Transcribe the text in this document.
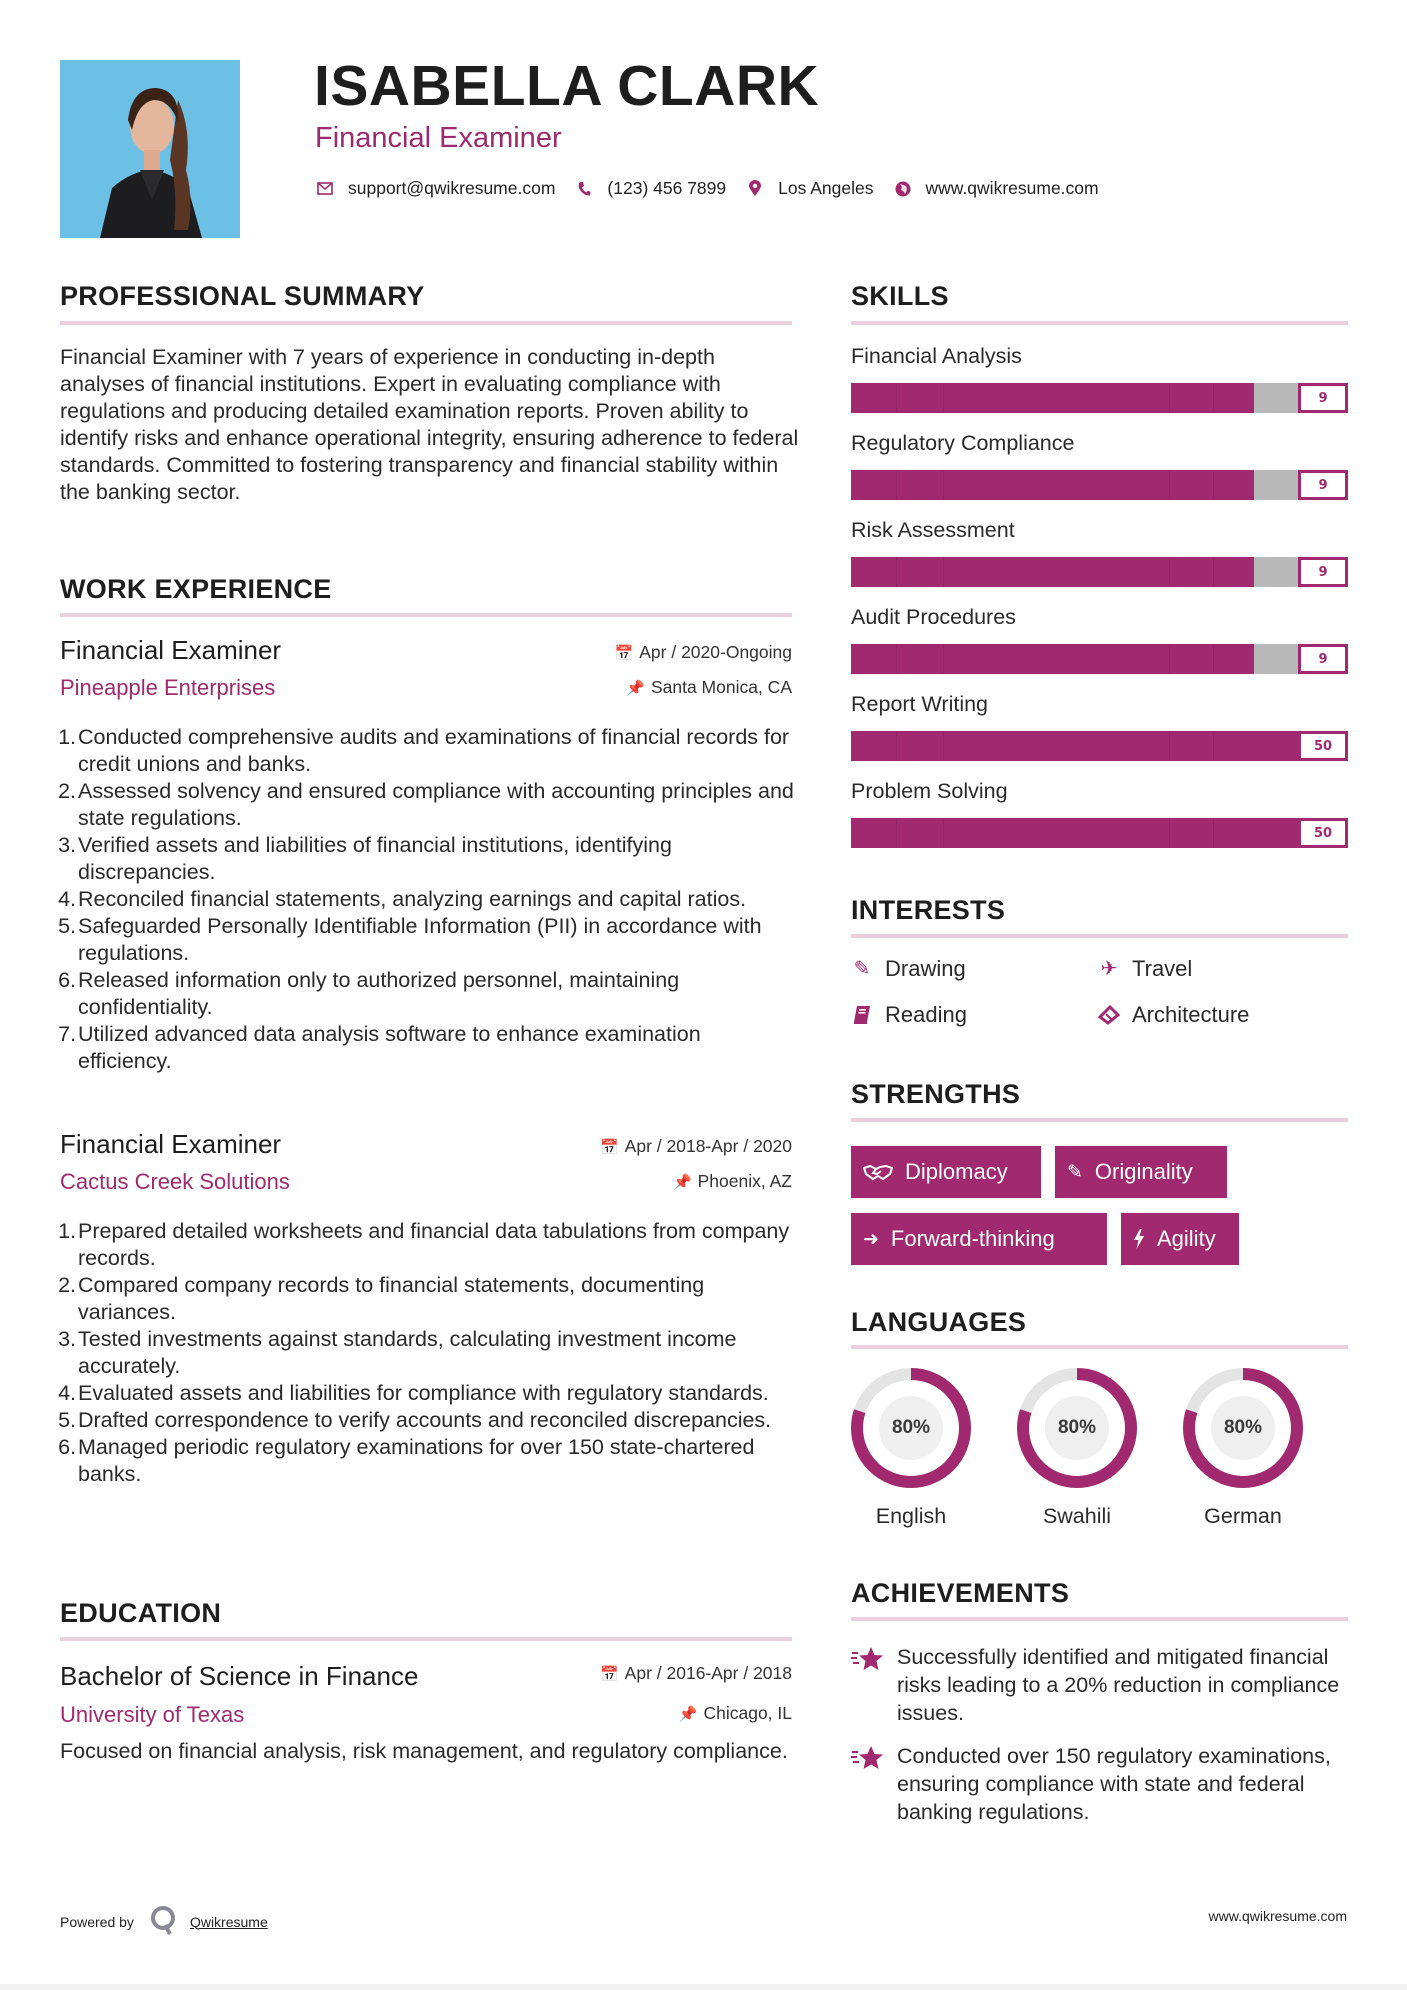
ISABELLA CLARK
Financial Examiner
support@qwikresume.com	(123) 456 7899	Los Angeles	www.qwikresume.com
PROFESSIONAL SUMMARY
Financial Examiner with 7 years of experience in conducting in-depth analyses of financial institutions. Expert in evaluating compliance with regulations and producing detailed examination reports. Proven ability to identify risks and enhance operational integrity, ensuring adherence to federal standards. Committed to fostering transparency and financial stability within the banking sector.
WORK EXPERIENCE
Financial Examiner
Pineapple Enterprises
📅 Apr / 2020-Ongoing
📌 Santa Monica, CA
1. Conducted comprehensive audits and examinations of financial records for credit unions and banks.
2. Assessed solvency and ensured compliance with accounting principles and state regulations.
3. Verified assets and liabilities of financial institutions, identifying discrepancies.
4. Reconciled financial statements, analyzing earnings and capital ratios.
5. Safeguarded Personally Identifiable Information (PII) in accordance with regulations.
6. Released information only to authorized personnel, maintaining confidentiality.
7. Utilized advanced data analysis software to enhance examination efficiency.
Financial Examiner
Cactus Creek Solutions
📅 Apr / 2018-Apr / 2020
📌 Phoenix, AZ
1. Prepared detailed worksheets and financial data tabulations from company records.
2. Compared company records to financial statements, documenting variances.
3. Tested investments against standards, calculating investment income accurately.
4. Evaluated assets and liabilities for compliance with regulatory standards.
5. Drafted correspondence to verify accounts and reconciled discrepancies.
6. Managed periodic regulatory examinations for over 150 state-chartered banks.
EDUCATION
Bachelor of Science in Finance
University of Texas
📅 Apr / 2016-Apr / 2018
📌 Chicago, IL
Focused on financial analysis, risk management, and regulatory compliance.
SKILLS
Financial Analysis
9
Regulatory Compliance
9
Risk Assessment
9
Audit Procedures
9
Report Writing
50
Problem Solving
50
INTERESTS
✎ Drawing	✈ Travel
Reading	Architecture
STRENGTHS
Diplomacy	✎ Originality
➜ Forward-thinking	Agility
LANGUAGES
80%
English
80%
Swahili
80%
German
ACHIEVEMENTS
Successfully identified and mitigated financial risks leading to a 20% reduction in compliance issues.
Conducted over 150 regulatory examinations, ensuring compliance with state and federal banking regulations.
Powered by	Qwikresume	www.qwikresume.com
